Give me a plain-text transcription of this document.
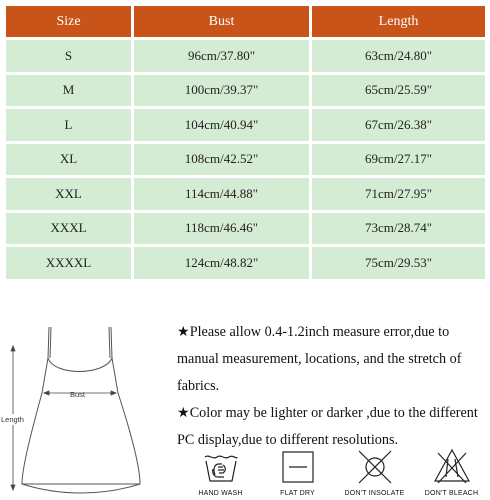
Size	Bust	Length
S	96cm/37.80"	63cm/24.80"
M	100cm/39.37"	65cm/25.59"
L	104cm/40.94"	67cm/26.38"
XL	108cm/42.52"	69cm/27.17"
XXL	114cm/44.88"	71cm/27.95"
XXXL	118cm/46.46"	73cm/28.74"
XXXXL	124cm/48.82"	75cm/29.53"
Bust
Length

★Please allow 0.4-1.2inch measure error,due to manual measurement, locations, and the stretch of fabrics.

★Color may be lighter or darker ,due to the different PC display,due to different resolutions.

HAND WASH	FLAT DRY	DON'T INSOLATE	DON'T BLEACH
